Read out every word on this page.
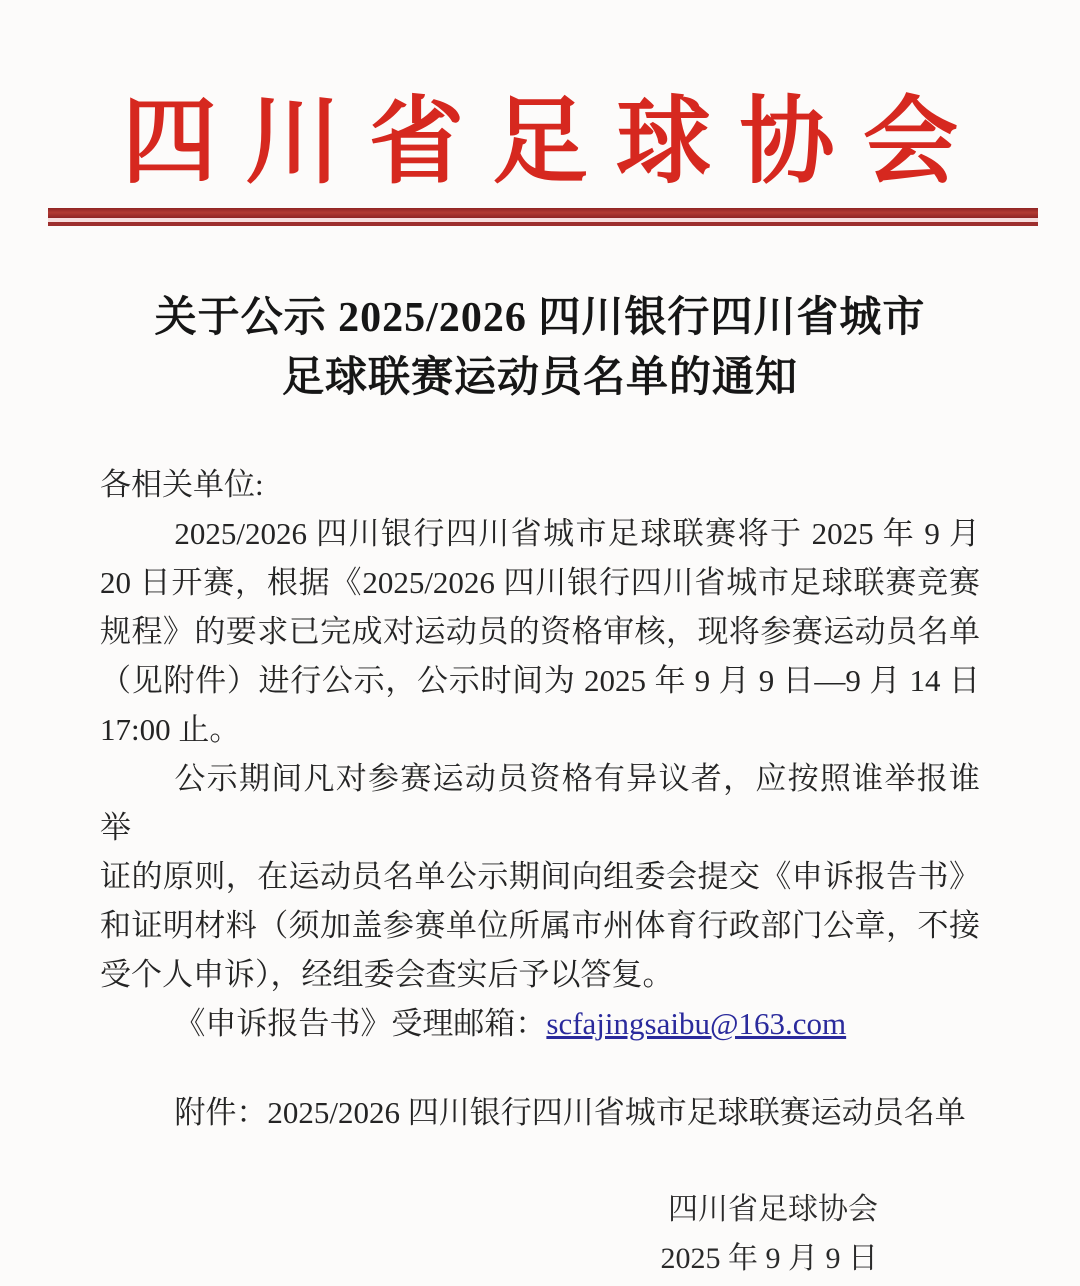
四川省足球协会
关于公示 2025/2026 四川银行四川省城市
足球联赛运动员名单的通知
各相关单位:
2025/2026 四川银行四川省城市足球联赛将于 2025 年 9 月
20 日开赛，根据《2025/2026 四川银行四川省城市足球联赛竞赛
规程》的要求已完成对运动员的资格审核，现将参赛运动员名单
（见附件）进行公示，公示时间为 2025 年 9 月 9 日—9 月 14 日
17:00 止。
公示期间凡对参赛运动员资格有异议者，应按照谁举报谁举
证的原则，在运动员名单公示期间向组委会提交《申诉报告书》
和证明材料（须加盖参赛单位所属市州体育行政部门公章，不接
受个人申诉），经组委会查实后予以答复。
《申诉报告书》受理邮箱：scfajingsaibu@163.com
附件：2025/2026 四川银行四川省城市足球联赛运动员名单
四川省足球协会
2025 年 9 月 9 日
